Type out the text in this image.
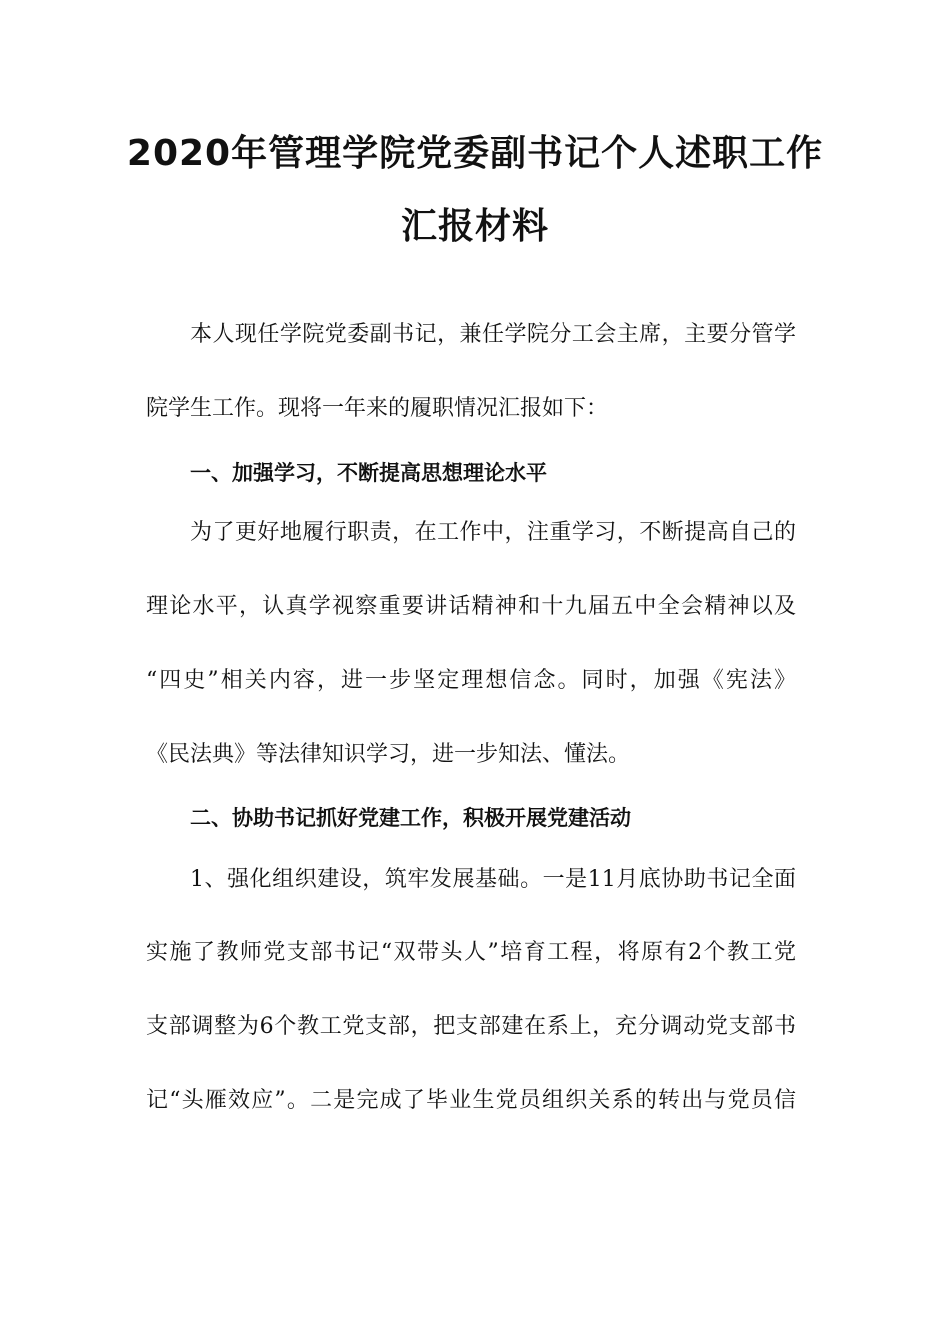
2020年管理学院党委副书记个人述职工作
汇报材料
本人现任学院党委副书记，兼任学院分工会主席，主要分管学
院学生工作。现将一年来的履职情况汇报如下：
一、加强学习，不断提高思想理论水平
为了更好地履行职责，在工作中，注重学习，不断提高自己的
理论水平，认真学视察重要讲话精神和十九届五中全会精神以及
“四史”相关内容，进一步坚定理想信念。同时，加强《宪法》
《民法典》等法律知识学习，进一步知法、懂法。
二、协助书记抓好党建工作，积极开展党建活动
1、强化组织建设，筑牢发展基础。一是11月底协助书记全面
实施了教师党支部书记“双带头人”培育工程，将原有2个教工党
支部调整为6个教工党支部，把支部建在系上，充分调动党支部书
记“头雁效应”。二是完成了毕业生党员组织关系的转出与党员信
